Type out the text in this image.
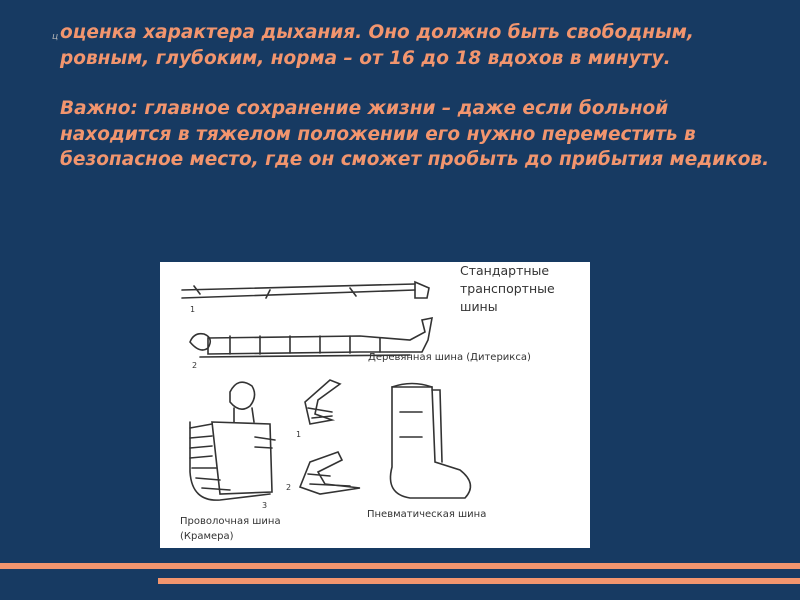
оценка характера дыхания. Оно должно быть свободным, ровным, глубоким, норма – от 16 до 18 вдохов в минуту.

Важно: главное сохранение жизни – даже если больной находится в тяжелом положении его нужно переместить в безопасное место, где он сможет пробыть до прибытия медиков.

ц
1
2
1
2
3
Стандартные транспортные шины
Деревянная шина (Дитерикса)
Проволочная шина (Крамера)
Пневматическая шина
